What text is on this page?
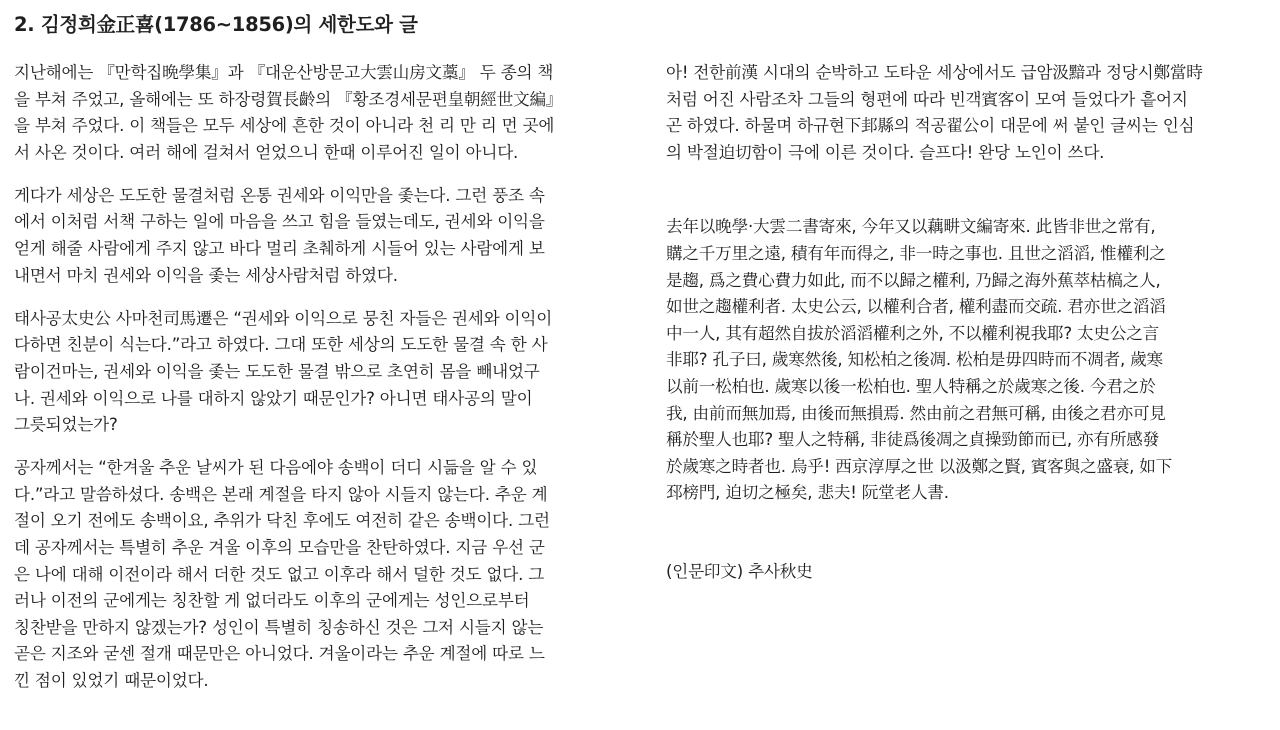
2. 김정희金正喜(1786~1856)의 세한도와 글
지난해에는 『만학집晩學集』과 『대운산방문고大雲山房文藁』 두 종의 책
을 부쳐 주었고, 올해에는 또 하장령賀長齡의 『황조경세문편皇朝經世文編』
을 부쳐 주었다. 이 책들은 모두 세상에 흔한 것이 아니라 천 리 만 리 먼 곳에
서 사온 것이다. 여러 해에 걸쳐서 얻었으니 한때 이루어진 일이 아니다.
게다가 세상은 도도한 물결처럼 온통 권세와 이익만을 좇는다. 그런 풍조 속
에서 이처럼 서책 구하는 일에 마음을 쓰고 힘을 들였는데도, 권세와 이익을
얻게 해줄 사람에게 주지 않고 바다 멀리 초췌하게 시들어 있는 사람에게 보
내면서 마치 권세와 이익을 좇는 세상사람처럼 하였다.
태사공太史公 사마천司馬遷은 “권세와 이익으로 뭉친 자들은 권세와 이익이
다하면 친분이 식는다.”라고 하였다. 그대 또한 세상의 도도한 물결 속 한 사
람이건마는, 권세와 이익을 좇는 도도한 물결 밖으로 초연히 몸을 빼내었구
나. 권세와 이익으로 나를 대하지 않았기 때문인가? 아니면 태사공의 말이
그릇되었는가?
공자께서는 “한겨울 추운 날씨가 된 다음에야 송백이 더디 시듦을 알 수 있
다.”라고 말씀하셨다. 송백은 본래 계절을 타지 않아 시들지 않는다. 추운 계
절이 오기 전에도 송백이요, 추위가 닥친 후에도 여전히 같은 송백이다. 그런
데 공자께서는 특별히 추운 겨울 이후의 모습만을 찬탄하였다. 지금 우선 군
은 나에 대해 이전이라 해서 더한 것도 없고 이후라 해서 덜한 것도 없다. 그
러나 이전의 군에게는 칭찬할 게 없더라도 이후의 군에게는 성인으로부터
칭찬받을 만하지 않겠는가? 성인이 특별히 칭송하신 것은 그저 시들지 않는
곧은 지조와 굳센 절개 때문만은 아니었다. 겨울이라는 추운 계절에 따로 느
낀 점이 있었기 때문이었다.
아! 전한前漢 시대의 순박하고 도타운 세상에서도 급암汲黯과 정당시鄭當時
처럼 어진 사람조차 그들의 형편에 따라 빈객賓客이 모여 들었다가 흩어지
곤 하였다. 하물며 하규현下邽縣의 적공翟公이 대문에 써 붙인 글씨는 인심
의 박절迫切함이 극에 이른 것이다. 슬프다! 완당 노인이 쓰다.
去年以晚學·大雲二書寄來, 今年又以藕畊文編寄來. 此皆非世之常有,
購之千万里之遠, 積有年而得之, 非一時之事也. 且世之滔滔, 惟權利之
是趨, 爲之費心費力如此, 而不以歸之權利, 乃歸之海外蕉萃枯槁之人,
如世之趨權利者. 太史公云, 以權利合者, 權利盡而交疏. 君亦世之滔滔
中一人, 其有超然自拔於滔滔權利之外, 不以權利視我耶? 太史公之言
非耶? 孔子曰, 歲寒然後, 知松柏之後凋. 松柏是毋四時而不凋者, 歲寒
以前一松柏也. 歲寒以後一松柏也. 聖人特稱之於歲寒之後. 今君之於
我, 由前而無加焉, 由後而無損焉. 然由前之君無可稱, 由後之君亦可見
稱於聖人也耶? 聖人之特稱, 非徒爲後凋之貞操勁節而已, 亦有所感發
於歲寒之時者也. 烏乎! 西京淳厚之世 以汲鄭之賢, 賓客與之盛衰, 如下
邳榜門, 迫切之極矣, 悲夫! 阮堂老人書.
(인문印文) 추사秋史
